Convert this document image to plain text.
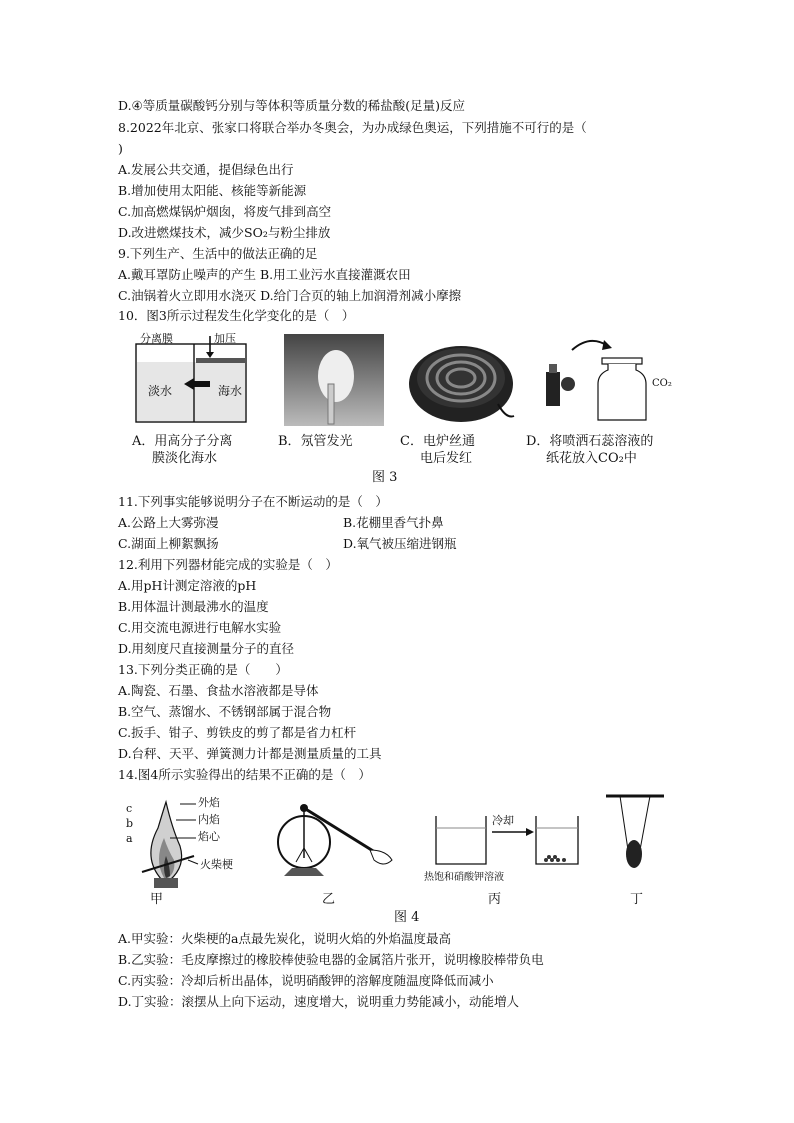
D.④等质量碳酸钙分别与等体积等质量分数的稀盐酸(足量)反应
8.2022年北京、张家口将联合举办冬奥会，为办成绿色奥运，下列措施不可行的是（
)
A.发展公共交通，提倡绿色出行
B.增加使用太阳能、核能等新能源
C.加高燃煤锅炉烟囱，将废气排到高空
D.改进燃煤技术，减少SO₂与粉尘排放
9.下列生产、生活中的做法正确的足
A.戴耳罩防止噪声的产生 B.用工业污水直接灌溉农田
C.油锅着火立即用水浇灭 D.给门合页的轴上加润滑剂减小摩擦
10．图3所示过程发生化学变化的是（　）
分离膜	加压
淡水	海水
CO₂
A．用高分子分离
膜淡化海水
B．氖管发光	C．电炉丝通
电后发红
D．将喷洒石蕊溶液的
纸花放入CO₂中
图 3
11.下列事实能够说明分子在不断运动的是（　）
A.公路上大雾弥漫	B.花棚里香气扑鼻
C.湖面上柳絮飘扬	D.氧气被压缩进钢瓶
12.利用下列器材能完成的实验是（　）
A.用pH计测定溶液的pH
B.用体温计测最沸水的温度
C.用交流电源进行电解水实验
D.用刻度尺直接测量分子的直径
13.下列分类正确的是（　　）
A.陶瓷、石墨、食盐水溶液都是导体
B.空气、蒸馏水、不锈钢部属于混合物
C.扳手、钳子、剪铁皮的剪了都是省力杠杆
D.台秤、天平、弹簧测力计都是测量质量的工具
14.图4所示实验得出的结果不正确的是（　）
外焰
内焰
焰心
火柴梗
c
b
a
冷却
热饱和硝酸钾溶液
甲	乙	丙	丁
图 4
A.甲实验：火柴梗的a点最先炭化，说明火焰的外焰温度最高
B.乙实验：毛皮摩擦过的橡胶棒使验电器的金属箔片张开，说明橡胶棒带负电
C.丙实验：冷却后析出晶体，说明硝酸钾的溶解度随温度降低而减小
D.丁实验：滚摆从上向下运动，速度增大，说明重力势能减小，动能増人
